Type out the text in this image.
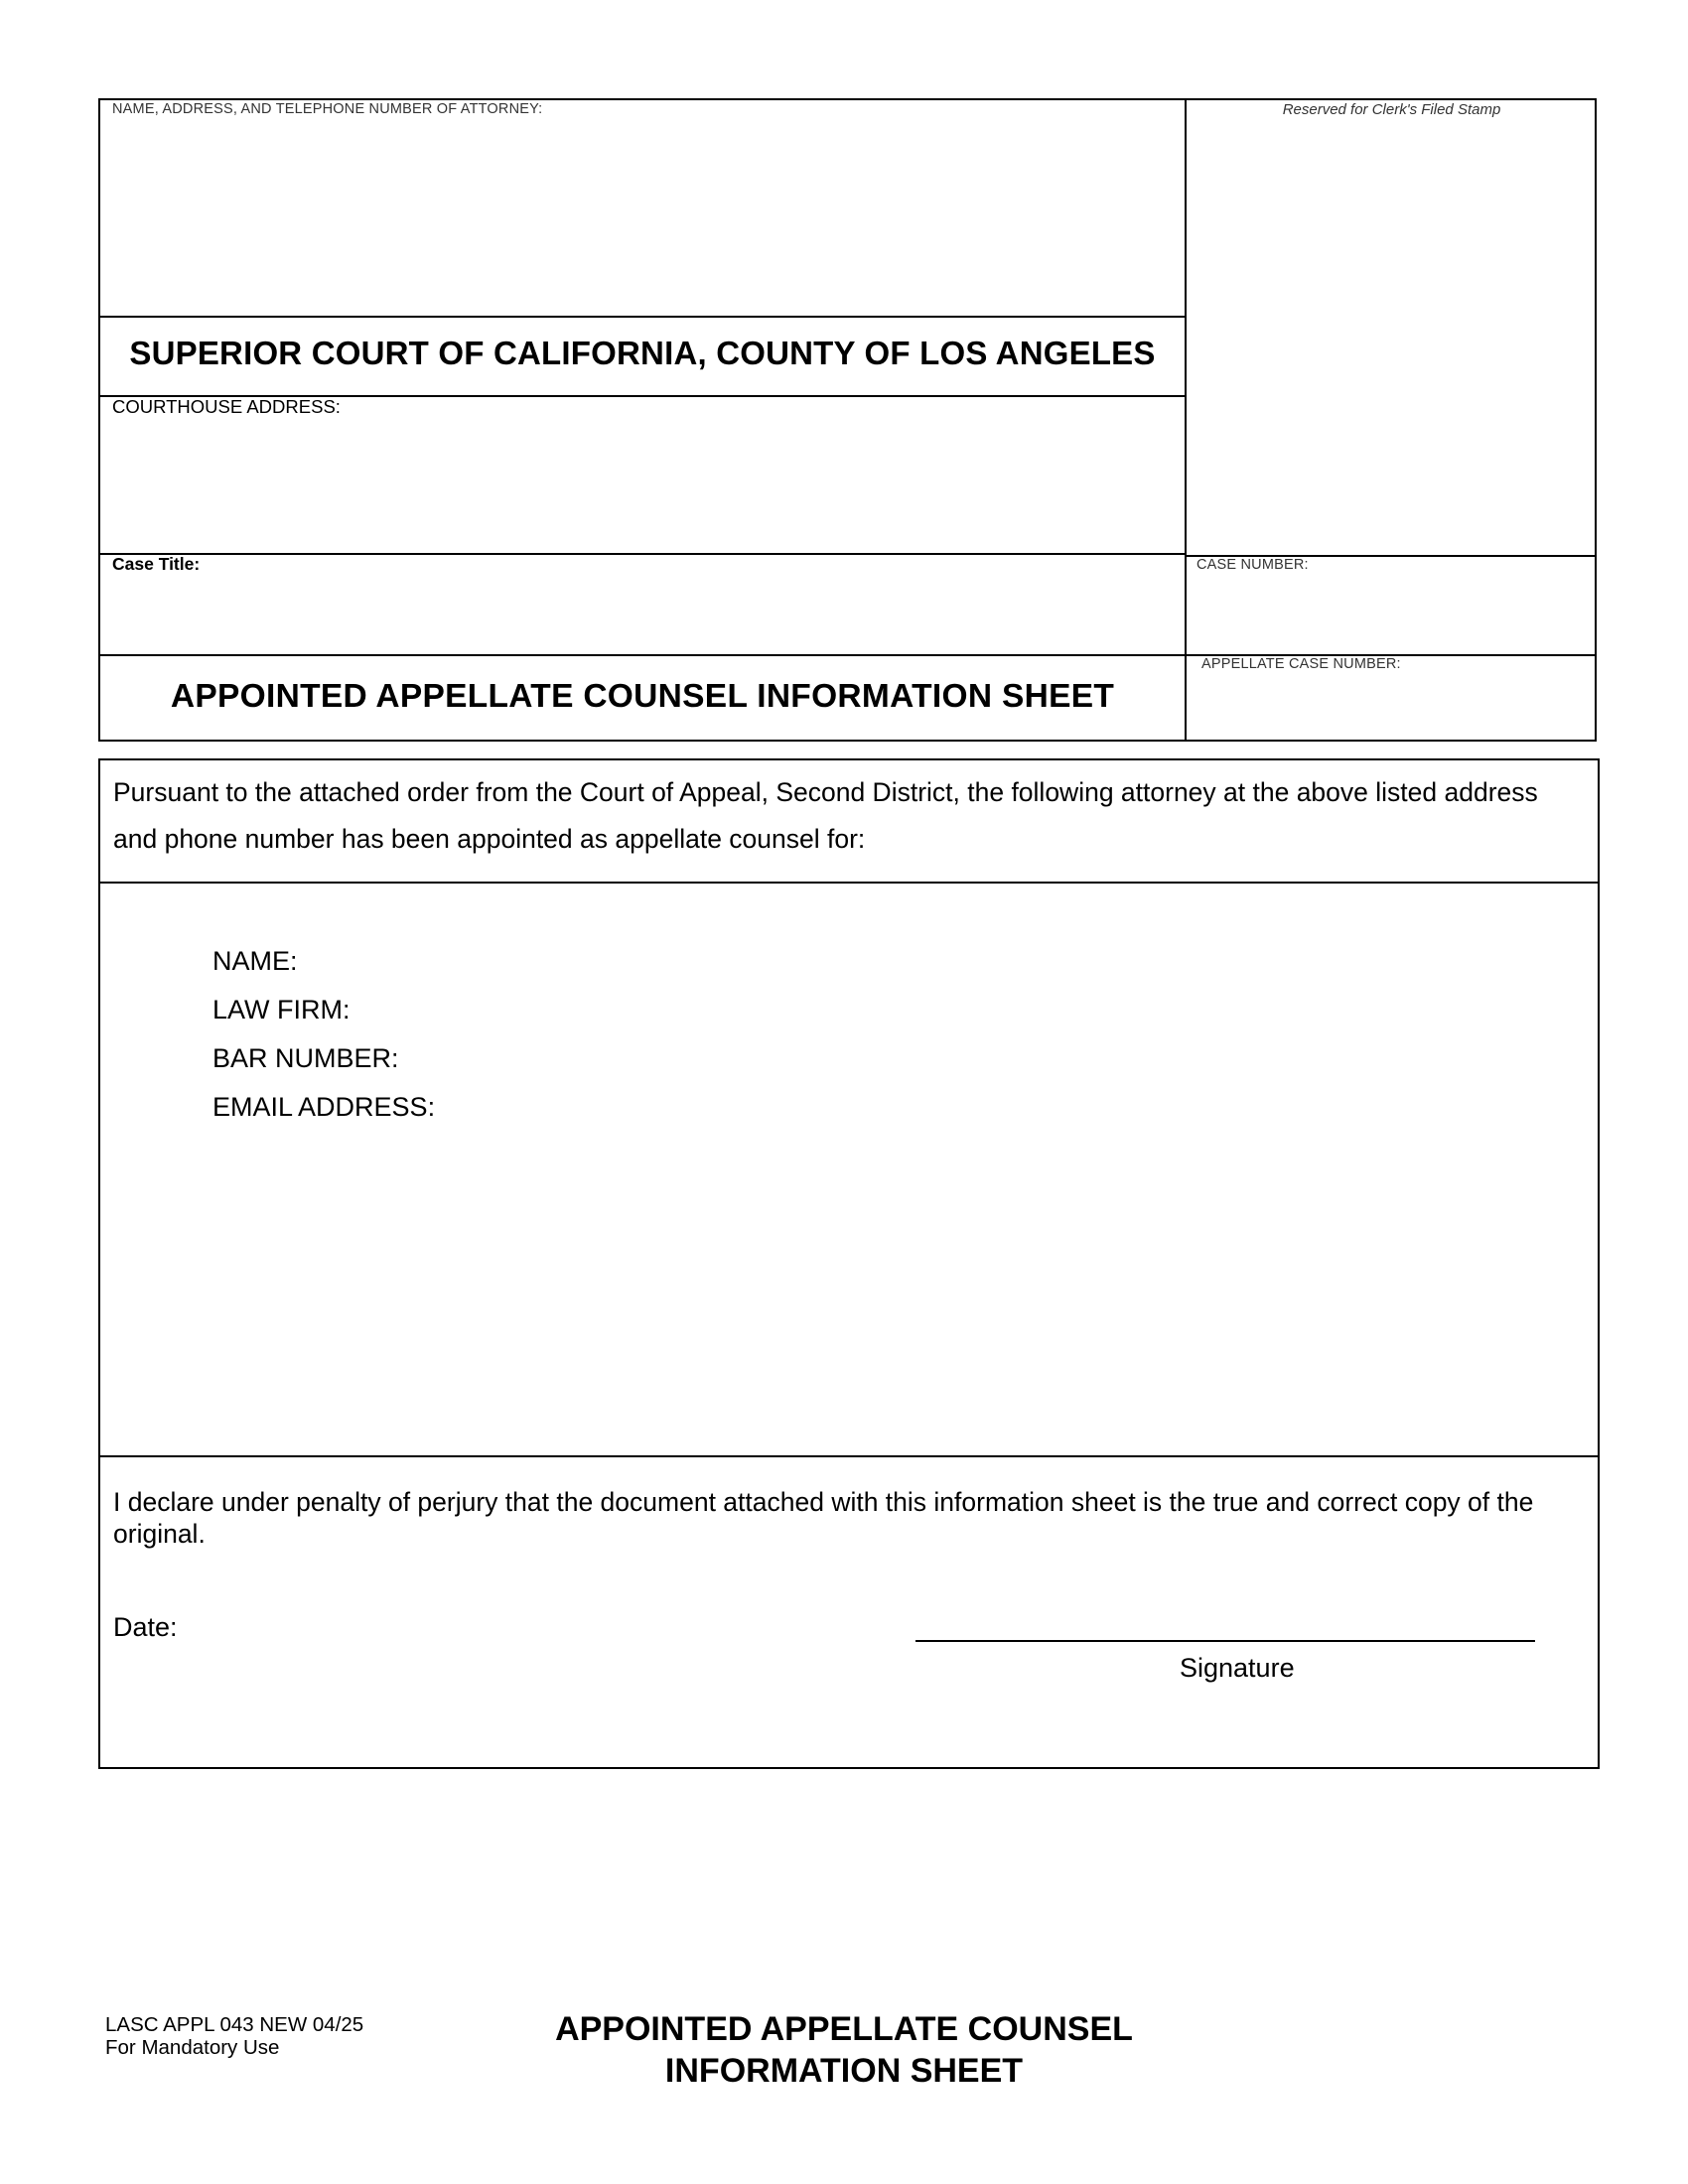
NAME, ADDRESS, AND TELEPHONE NUMBER OF ATTORNEY:	Reserved for Clerk's Filed Stamp
SUPERIOR COURT OF CALIFORNIA, COUNTY OF LOS ANGELES
COURTHOUSE ADDRESS:
Case Title:	CASE NUMBER:
APPELLATE CASE NUMBER:
APPOINTED APPELLATE COUNSEL INFORMATION SHEET
Pursuant to the attached order from the Court of Appeal, Second District, the following attorney at the above listed address and phone number has been appointed as appellate counsel for:
NAME:
LAW FIRM:
BAR NUMBER:
EMAIL ADDRESS:
I declare under penalty of perjury that the document attached with this information sheet is the true and correct copy of the original.
Date:
Signature
LASC APPL 043 NEW 04/25
For Mandatory Use	APPOINTED APPELLATE COUNSEL
INFORMATION SHEET
